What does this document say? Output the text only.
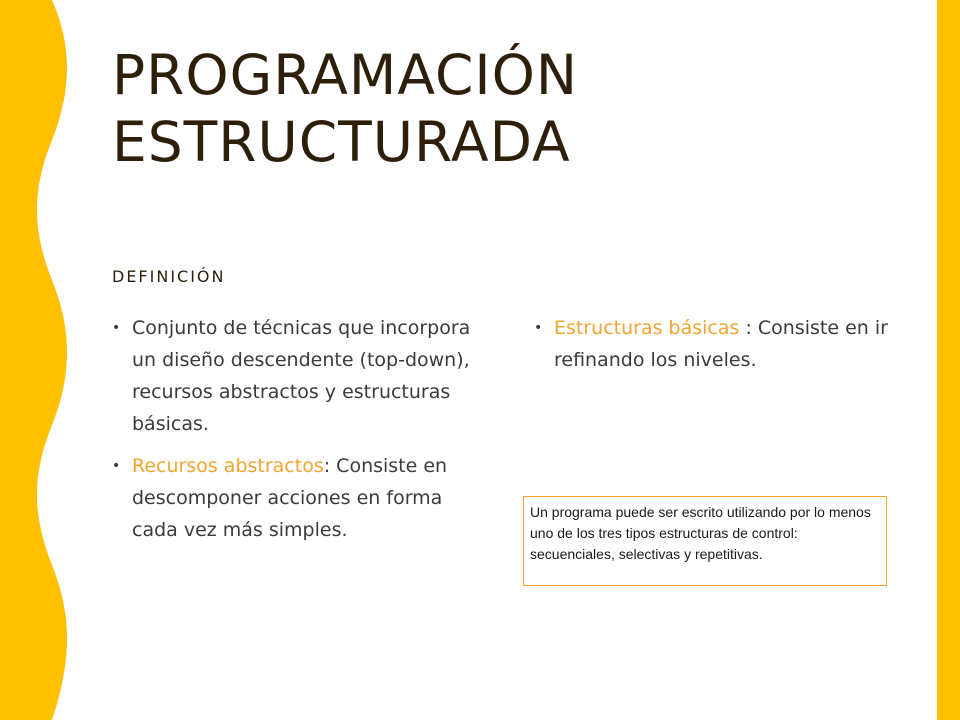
PROGRAMACIÓN
ESTRUCTURADA
DEFINICIÓN

• Conjunto de técnicas que incorpora un diseño descendente (top-down), recursos abstractos y estructuras básicas.

• Recursos abstractos: Consiste en descomponer acciones en forma cada vez más simples.

• Estructuras básicas : Consiste en ir refinando los niveles.

Un programa puede ser escrito utilizando por lo menos uno de los tres tipos estructuras de control: secuenciales, selectivas y repetitivas.
